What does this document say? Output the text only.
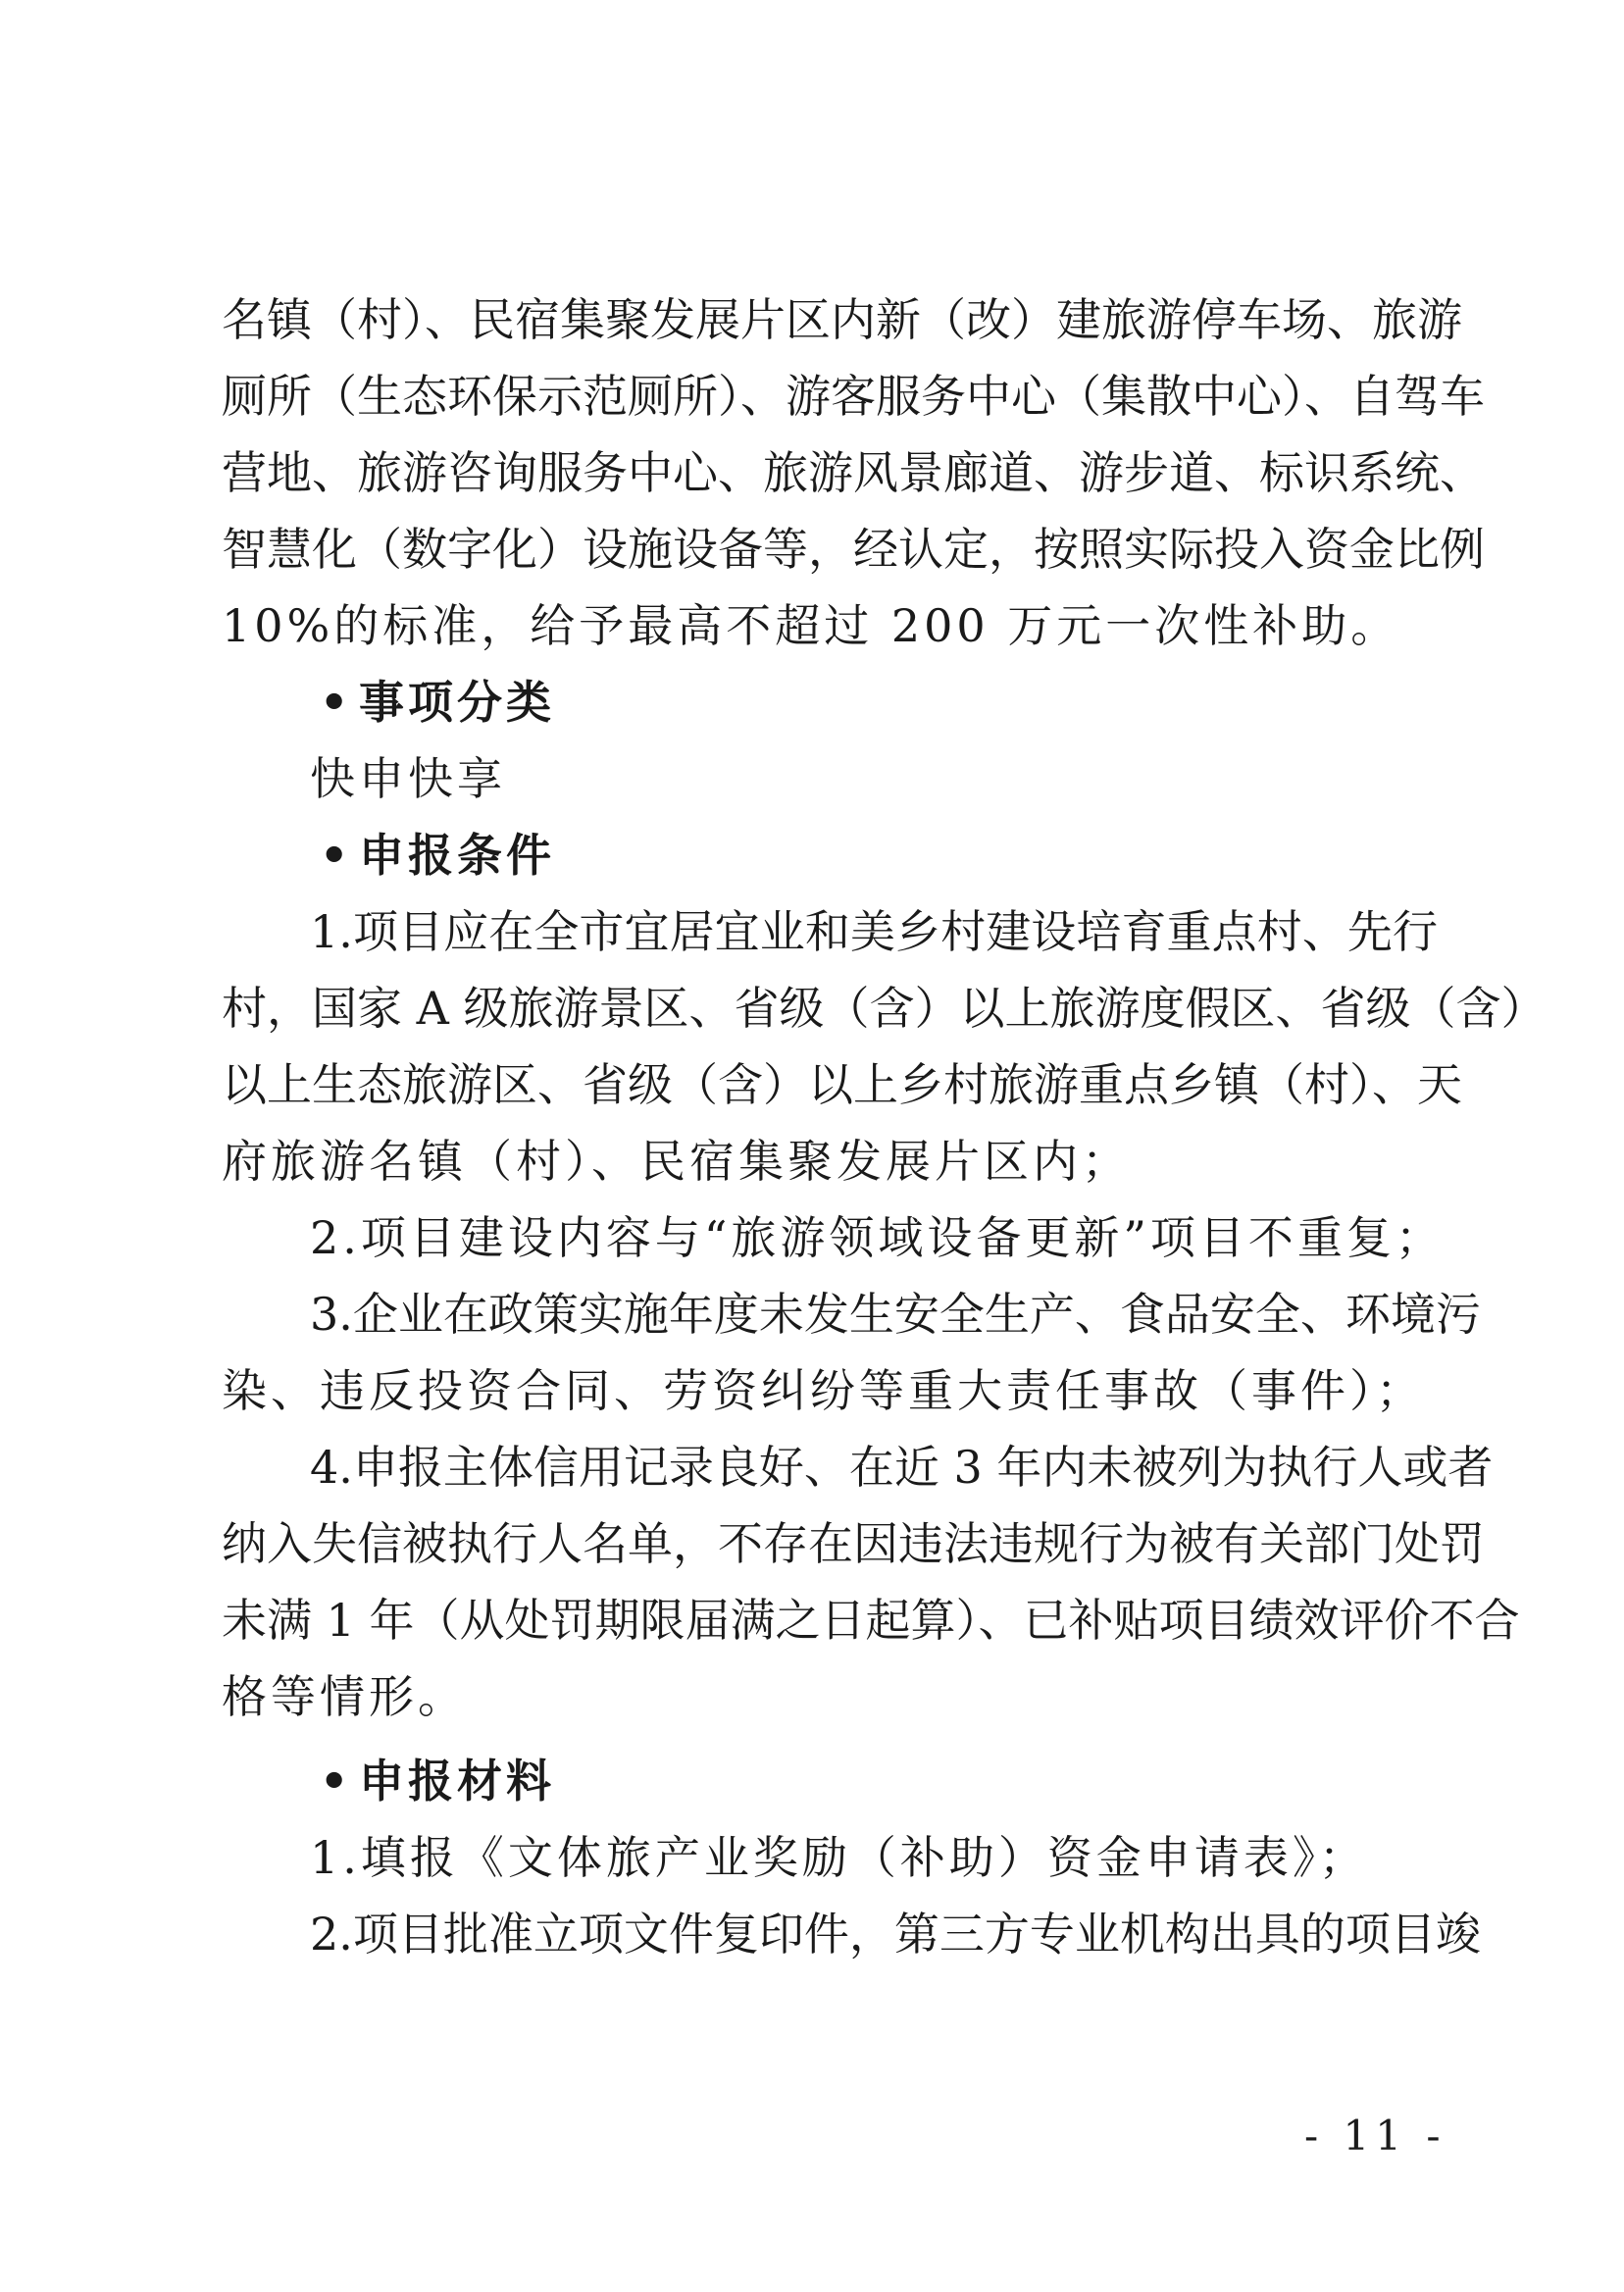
名镇（村）、民宿集聚发展片区内新（改）建旅游停车场、旅游
厕所（生态环保示范厕所）、游客服务中心（集散中心）、自驾车
营地、旅游咨询服务中心、旅游风景廊道、游步道、标识系统、
智慧化（数字化）设施设备等，经认定，按照实际投入资金比例
10%的标准，给予最高不超过 200 万元一次性补助。
• 事项分类
快申快享
• 申报条件
1.项目应在全市宜居宜业和美乡村建设培育重点村、先行
村，国家 A 级旅游景区、省级（含）以上旅游度假区、省级（含）
以上生态旅游区、省级（含）以上乡村旅游重点乡镇（村）、天
府旅游名镇（村）、民宿集聚发展片区内；
2.项目建设内容与“旅游领域设备更新”项目不重复；
3.企业在政策实施年度未发生安全生产、食品安全、环境污
染、违反投资合同、劳资纠纷等重大责任事故（事件）；
4.申报主体信用记录良好、在近 3 年内未被列为执行人或者
纳入失信被执行人名单，不存在因违法违规行为被有关部门处罚
未满 1 年（从处罚期限届满之日起算）、已补贴项目绩效评价不合
格等情形。
• 申报材料
1.填报《文体旅产业奖励（补助）资金申请表》；
2.项目批准立项文件复印件，第三方专业机构出具的项目竣
- 11 -
